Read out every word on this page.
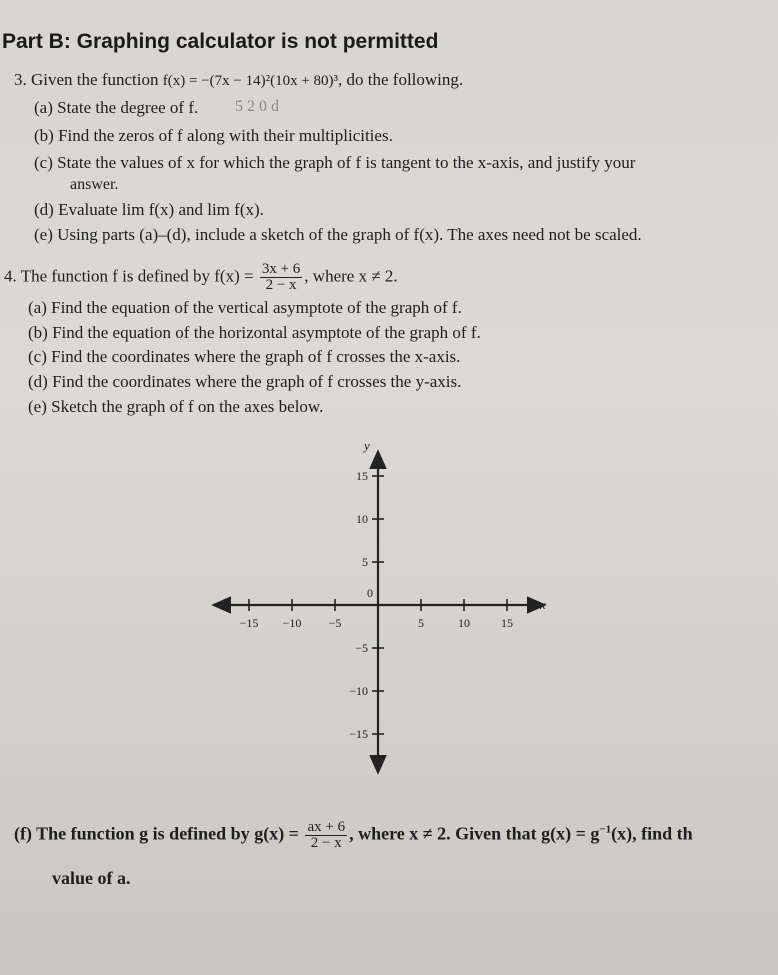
Part B: Graphing calculator is not permitted
3. Given the function f(x) = −(7x − 14)²(10x + 80)³, do the following.
(a) State the degree of f. 5 2 0 d
(b) Find the zeros of f along with their multiplicities.
(c) State the values of x for which the graph of f is tangent to the x-axis, and justify your
answer.
(d) Evaluate lim f(x) and lim f(x).
(e) Using parts (a)–(d), include a sketch of the graph of f(x). The axes need not be scaled.
4. The function f is defined by $f(x) = \frac{3x + 6}{2 - x}$ , where x ≠ 2.
(a) Find the equation of the vertical asymptote of the graph of f.
(b) Find the equation of the horizontal asymptote of the graph of f.
(c) Find the coordinates where the graph of f crosses the x-axis.
(d) Find the coordinates where the graph of f crosses the y-axis.
(e) Sketch the graph of f on the axes below.
−15 −10 −5
0
5	10	15
15
10
5
−5
−10
−15
x
y
(f) The function g is defined by $g(x) = \frac{ax + 6}{2 - x}$ , where x ≠ 2. Given that $g(x) = g^{-1}(x)$, find th
value of a.
